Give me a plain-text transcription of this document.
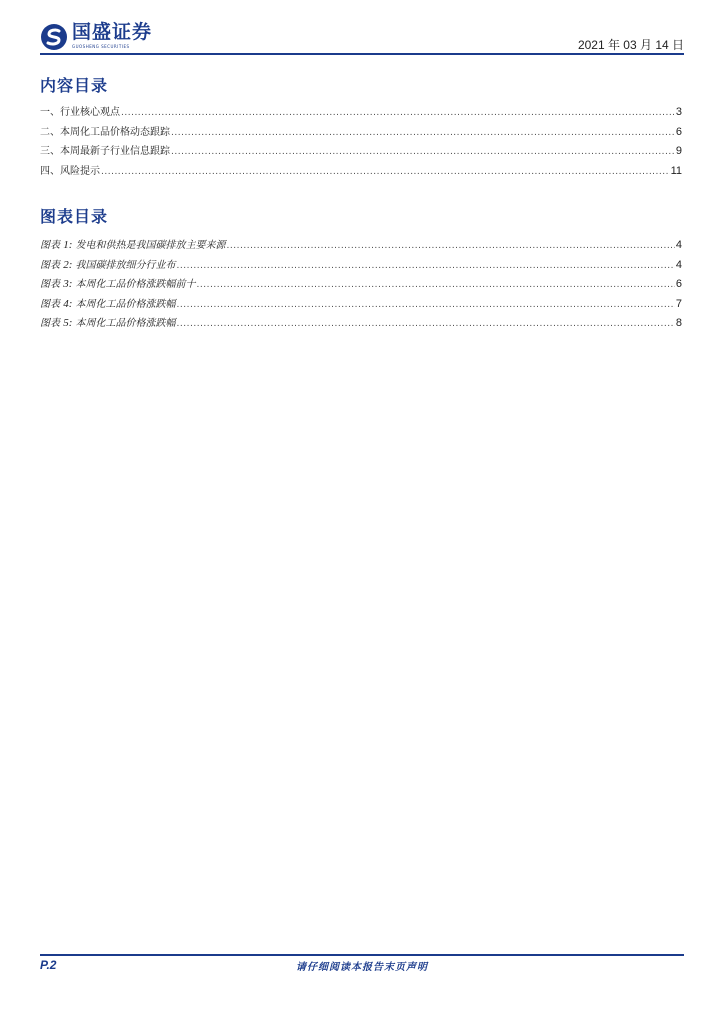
国盛证券
GUOSHENG SECURITIES	2021 年 03 月 14 日
内容目录
一、行业核心观点 .....	3
二、本周化工品价格动态跟踪 .....	6
三、本周最新子行业信息跟踪 .....	9
四、风险提示 .....	11
图表目录
图表 1: 发电和供热是我国碳排放主要来源 .....	4
图表 2: 我国碳排放细分行业布 .....	4
图表 3: 本周化工品价格涨跌幅前十 .....	6
图表 4: 本周化工品价格涨跌幅 .....	7
图表 5: 本周化工品价格涨跌幅 .....	8
P.2	请仔细阅读本报告末页声明
